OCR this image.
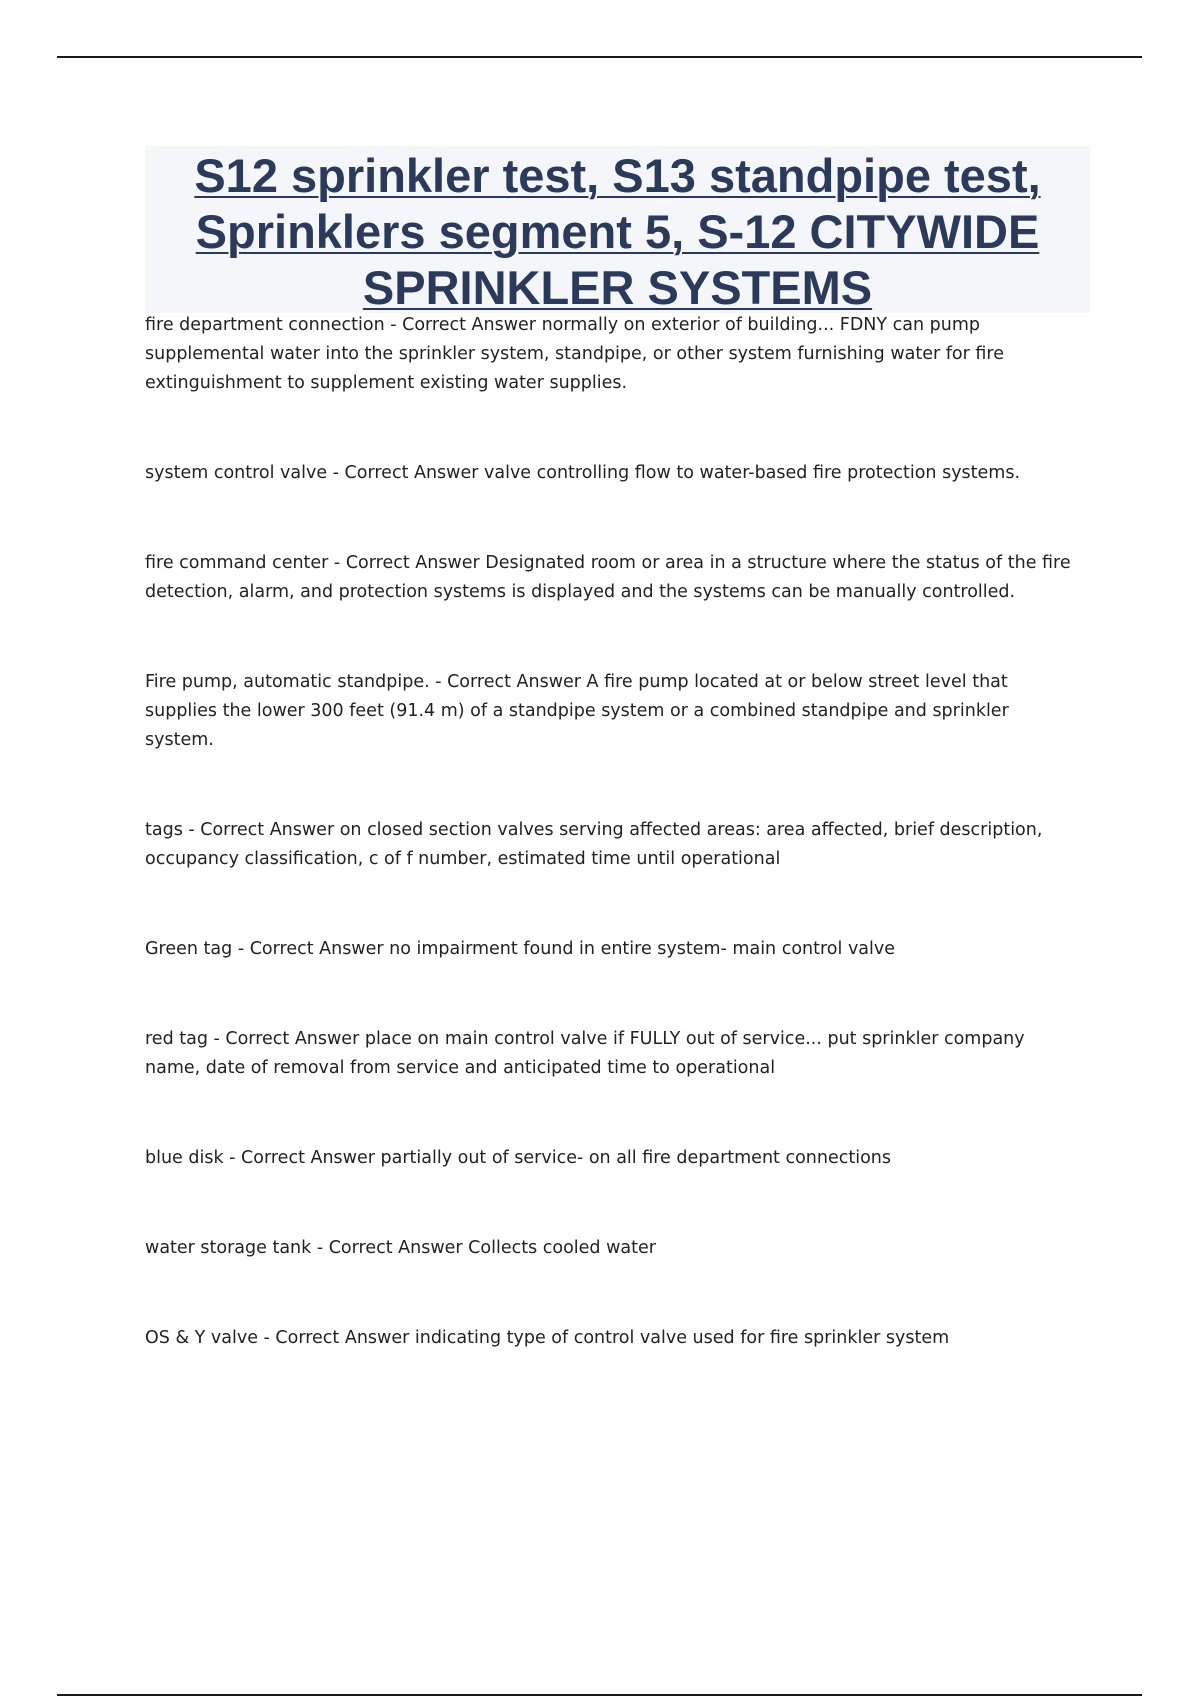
S12 sprinkler test, S13 standpipe test, Sprinklers segment 5, S-12 CITYWIDE SPRINKLER SYSTEMS

fire department connection - Correct Answer normally on exterior of building... FDNY can pump supplemental water into the sprinkler system, standpipe, or other system furnishing water for fire extinguishment to supplement existing water supplies.

system control valve - Correct Answer valve controlling flow to water-based fire protection systems.

fire command center - Correct Answer Designated room or area in a structure where the status of the fire detection, alarm, and protection systems is displayed and the systems can be manually controlled.

Fire pump, automatic standpipe. - Correct Answer A fire pump located at or below street level that supplies the lower 300 feet (91.4 m) of a standpipe system or a combined standpipe and sprinkler system.

tags - Correct Answer on closed section valves serving affected areas: area affected, brief description, occupancy classification, c of f number, estimated time until operational

Green tag - Correct Answer no impairment found in entire system- main control valve

red tag - Correct Answer place on main control valve if FULLY out of service... put sprinkler company name, date of removal from service and anticipated time to operational

blue disk - Correct Answer partially out of service- on all fire department connections

water storage tank - Correct Answer Collects cooled water

OS & Y valve - Correct Answer indicating type of control valve used for fire sprinkler system
